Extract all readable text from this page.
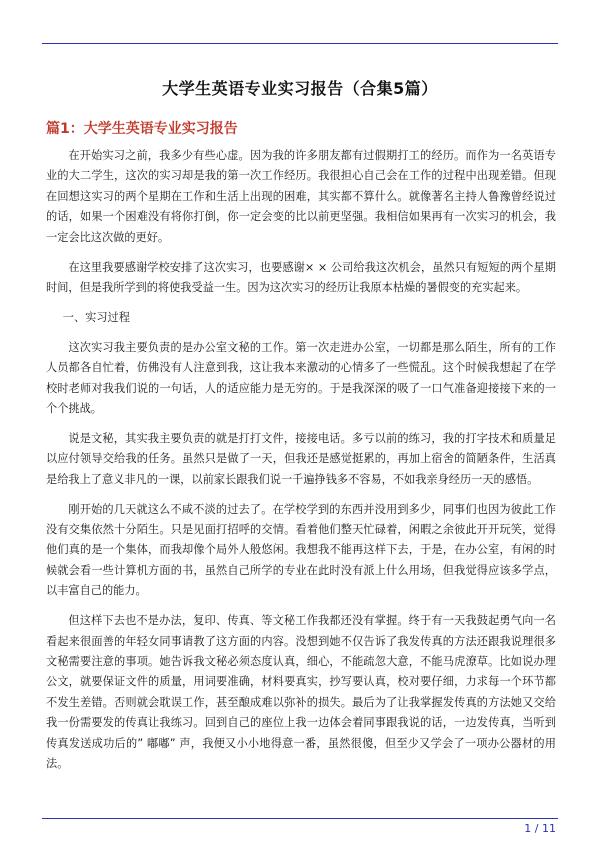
大学生英语专业实习报告（合集5篇）
篇1：大学生英语专业实习报告

在开始实习之前，我多少有些心虚。因为我的许多朋友都有过假期打工的经历。而作为一名英语专业的大二学生，这次的实习却是我的第一次工作经历。我很担心自己会在工作的过程中出现差错。但现在回想这实习的两个星期在工作和生活上出现的困难，其实都不算什么。就像著名主持人鲁豫曾经说过的话，如果一个困难没有将你打倒，你一定会变的比以前更坚强。我相信如果再有一次实习的机会，我一定会比这次做的更好。

在这里我要感谢学校安排了这次实习，也要感谢× × 公司给我这次机会，虽然只有短短的两个星期时间，但是我所学到的将使我受益一生。因为这次实习的经历让我原本枯燥的暑假变的充实起来。

一、实习过程

这次实习我主要负责的是办公室文秘的工作。第一次走进办公室，一切都是那么陌生，所有的工作人员都各自忙着，仿佛没有人注意到我，这让我本来激动的心情多了一些慌乱。这个时候我想起了在学校时老师对我我们说的一句话，人的适应能力是无穷的。于是我深深的吸了一口气准备迎接接下来的一个个挑战。

说是文秘，其实我主要负责的就是打打文件，接接电话。多亏以前的练习，我的打字技术和质量足以应付领导交给我的任务。虽然只是做了一天，但我还是感觉挺累的，再加上宿舍的简陋条件，生活真是给我上了意义非凡的一课，以前家长跟我们说一千遍挣钱多不容易，不如我亲身经历一天的感悟。

刚开始的几天就这么不咸不淡的过去了。在学校学到的东西并没用到多少，同事们也因为彼此工作没有交集依然十分陌生。只是见面打招呼的交情。看着他们整天忙碌着，闲暇之余彼此开开玩笑，觉得他们真的是一个集体，而我却像个局外人般悠闲。我想我不能再这样下去，于是，在办公室，有闲的时候就会看一些计算机方面的书，虽然自己所学的专业在此时没有派上什么用场，但我觉得应该多学点，以丰富自己的能力。

但这样下去也不是办法，复印、传真、等文秘工作我都还没有掌握。终于有一天我鼓起勇气向一名看起来很面善的年轻女同事请教了这方面的内容。没想到她不仅告诉了我发传真的方法还跟我说理很多文秘需要注意的事项。她告诉我文秘必须态度认真，细心，不能疏忽大意，不能马虎潦草。比如说办理公文，就要保证文件的质量，用词要准确，材料要真实，抄写要认真，校对要仔细，力求每一个环节都不发生差错。否则就会耽误工作，甚至酿成难以弥补的损失。最后为了让我掌握发传真的方法她又交给我一份需要发的传真让我练习。回到自己的座位上我一边体会着同事跟我说的话，一边发传真，当听到传真发送成功后的” 嘟嘟” 声，我便又小小地得意一番，虽然很傻，但至少又学会了一项办公器材的用法。

1 / 11
